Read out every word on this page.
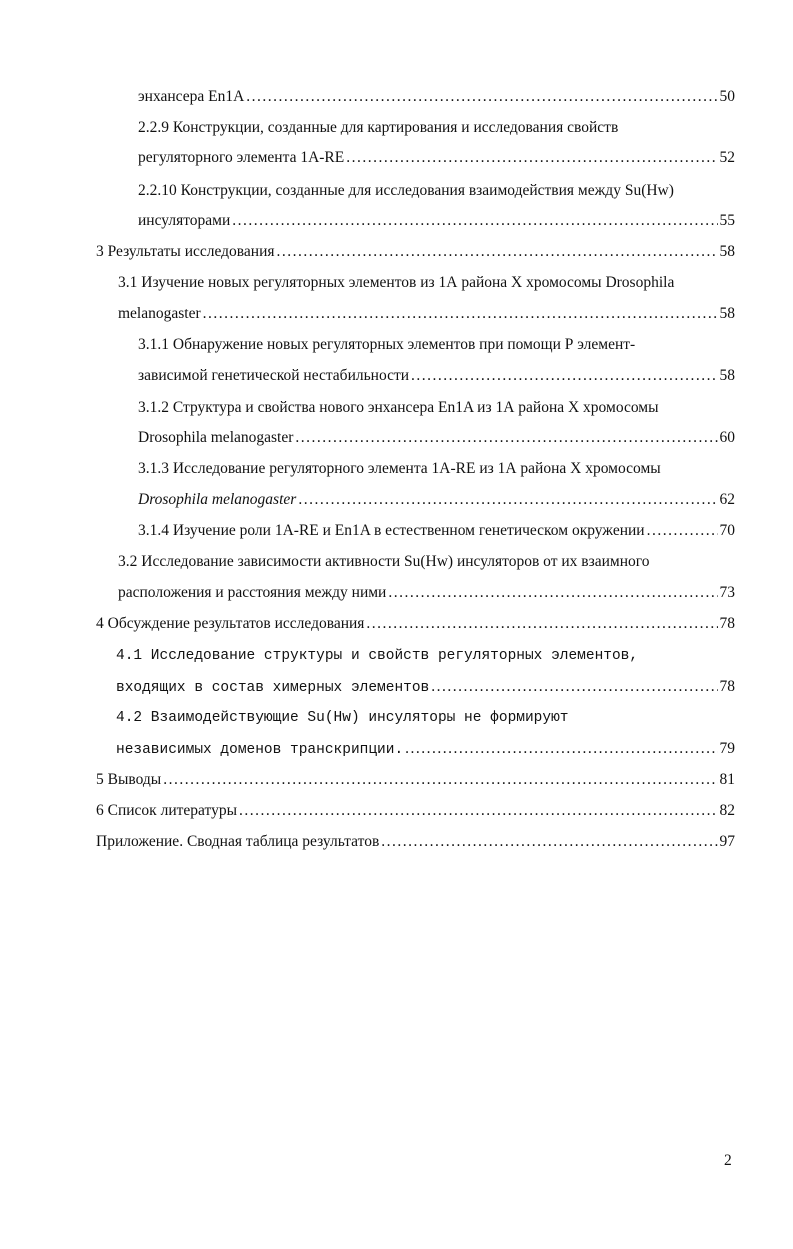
энхансера En1A .....	50
2.2.9 Конструкции, созданные для картирования и исследования свойств
регуляторного элемента 1А-RE .....	52
2.2.10 Конструкции, созданные для исследования взаимодействия между Su(Hw)
инсуляторами .....	55
3 Результаты исследования .....	58
3.1 Изучение новых регуляторных элементов из 1А района X хромосомы Drosophila
melanogaster .....	58
3.1.1 Обнаружение новых регуляторных элементов при помощи Р элемент-
зависимой генетической нестабильности .....	58
3.1.2 Структура и свойства нового энхансера En1A из 1А района X хромосомы
Drosophila melanogaster .....	60
3.1.3 Исследование регуляторного элемента 1А-RE из 1А района X хромосомы
Drosophila melanogaster .....	62
3.1.4 Изучение роли 1А-RE и En1A в естественном генетическом окружении .....	70
3.2 Исследование зависимости активности Su(Hw) инсуляторов от их взаимного
расположения и расстояния между ними .....	73
4 Обсуждение результатов исследования .....	78
4.1 Исследование структуры и свойств регуляторных элементов,
входящих в состав химерных элементов .....	78
4.2 Взаимодействующие Su(Hw) инсуляторы не формируют
независимых доменов транскрипции. .....	79
5 Выводы .....	81
6 Список литературы .....	82
Приложение. Сводная таблица результатов .....	97
2
